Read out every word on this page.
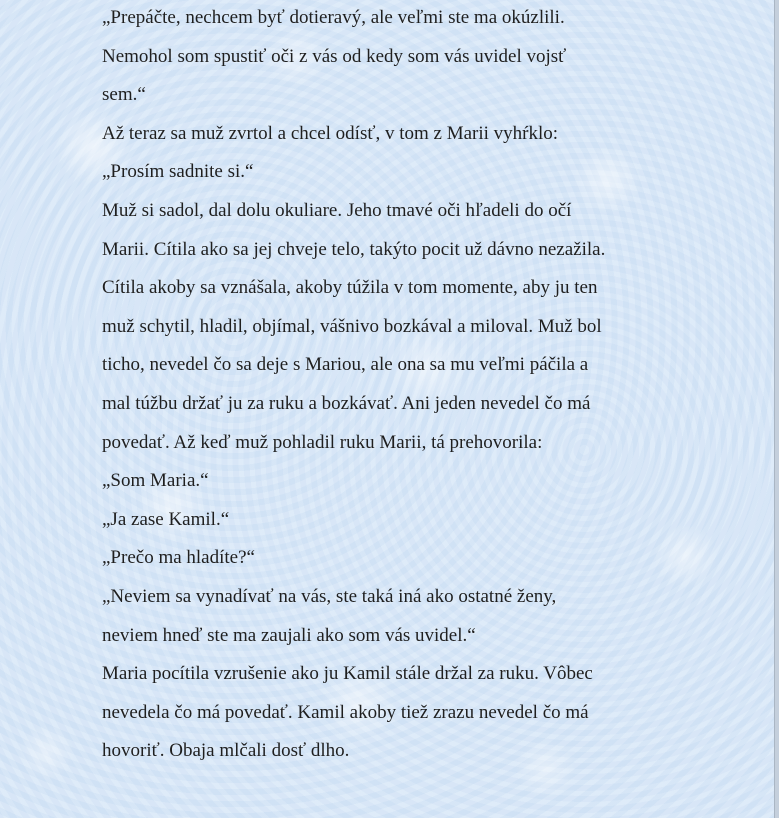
„Prepáčte, nechcem byť dotieravý, ale veľmi ste ma okúzlili.
Nemohol som spustiť oči z vás od kedy som vás uvidel vojsť
sem.“
Až teraz sa muž zvrtol a chcel odísť, v tom z Marii vyhŕklo:
„Prosím sadnite si.“
Muž si sadol, dal dolu okuliare. Jeho tmavé oči hľadeli do očí
Marii. Cítila ako sa jej chveje telo, takýto pocit už dávno nezažila.
Cítila akoby sa vznášala, akoby túžila v tom momente, aby ju ten
muž schytil, hladil, objímal, vášnivo bozkával a miloval. Muž bol
ticho, nevedel čo sa deje s Mariou, ale ona sa mu veľmi páčila a
mal túžbu držať ju za ruku a bozkávať. Ani jeden nevedel čo má
povedať. Až keď muž pohladil ruku Marii, tá prehovorila:
„Som Maria.“
„Ja zase Kamil.“
„Prečo ma hladíte?“
„Neviem sa vynadívať na vás, ste taká iná ako ostatné ženy,
neviem hneď ste ma zaujali ako som vás uvidel.“
Maria pocítila vzrušenie ako ju Kamil stále držal za ruku. Vôbec
nevedela čo má povedať. Kamil akoby tiež zrazu nevedel čo má
hovoriť. Obaja mlčali dosť dlho.
